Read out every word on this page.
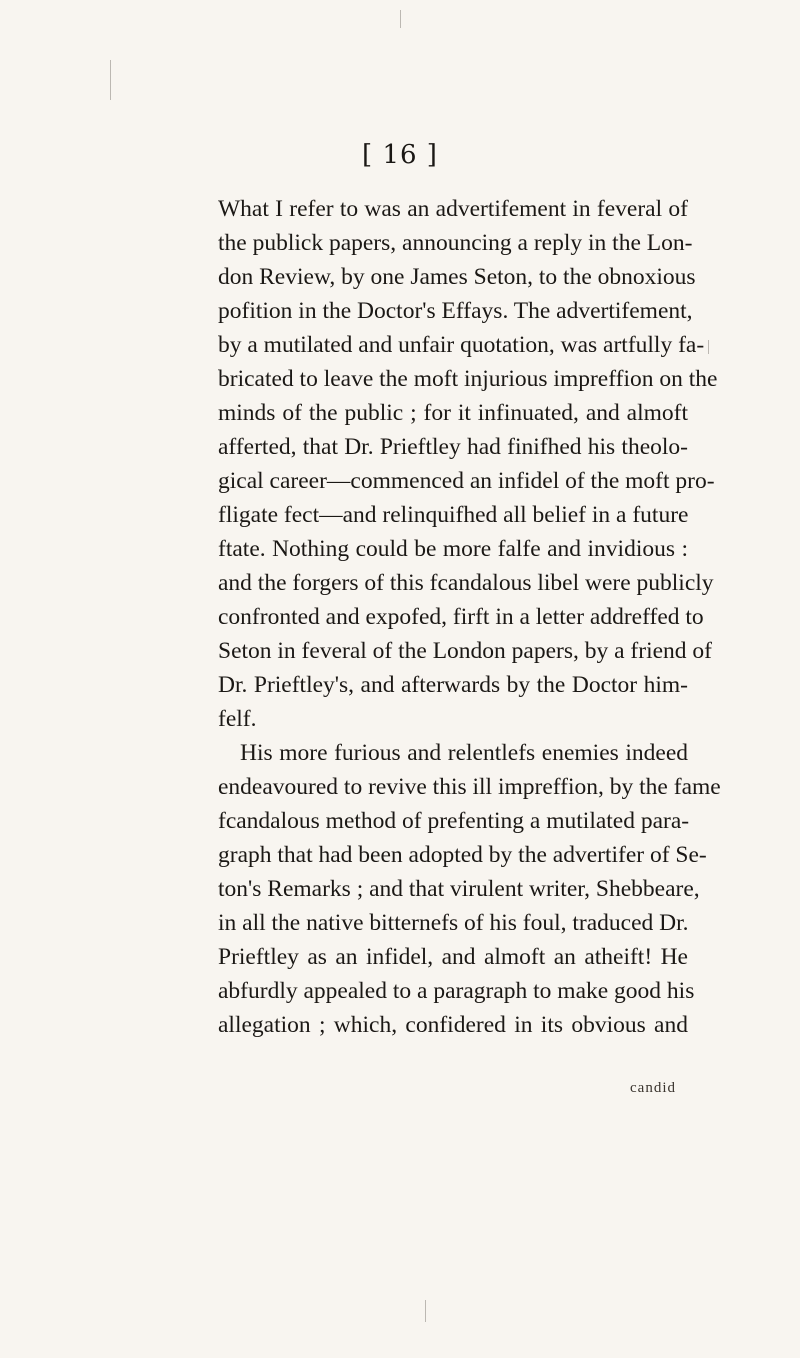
[ 16 ]
What I refer to was an advertifement in feveral of
the publick papers, announcing a reply in the Lon-
don Review, by one James Seton, to the obnoxious
pofition in the Doctor's Effays. The advertifement,
by a mutilated and unfair quotation, was artfully fa-
bricated to leave the moft injurious impreffion on the
minds of the public ; for it infinuated, and almoft
afferted, that Dr. Prieftley had finifhed his theolo-
gical career—commenced an infidel of the moft pro-
fligate fect—and relinquifhed all belief in a future
ftate. Nothing could be more falfe and invidious :
and the forgers of this fcandalous libel were publicly
confronted and expofed, firft in a letter addreffed to
Seton in feveral of the London papers, by a friend of
Dr. Prieftley's, and afterwards by the Doctor him-
felf.
His more furious and relentlefs enemies indeed
endeavoured to revive this ill impreffion, by the fame
fcandalous method of prefenting a mutilated para-
graph that had been adopted by the advertifer of Se-
ton's Remarks ; and that virulent writer, Shebbeare,
in all the native bitternefs of his foul, traduced Dr.
Prieftley as an infidel, and almoft an atheift! He
abfurdly appealed to a paragraph to make good his
allegation ; which, confidered in its obvious and
candid
